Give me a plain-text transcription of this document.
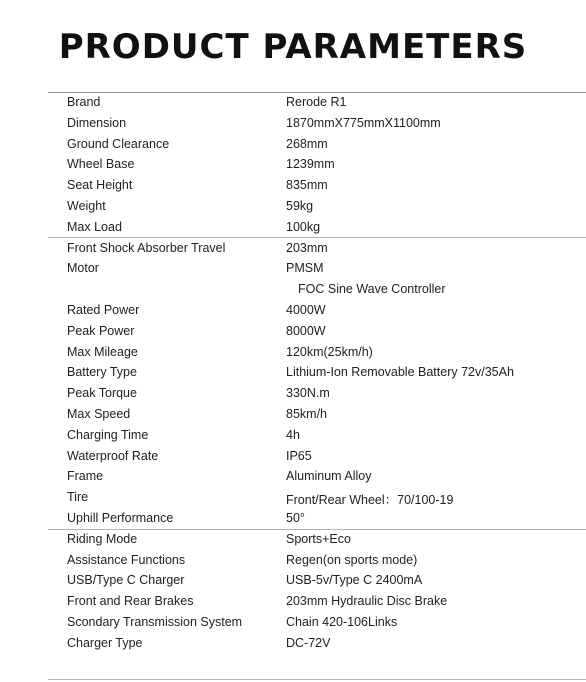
PRODUCT PARAMETERS
Brand	Rerode R1
Dimension	1870mmX775mmX1100mm
Ground Clearance	268mm
Wheel Base	1239mm
Seat Height	835mm
Weight	59kg
Max Load	100kg
Front Shock Absorber Travel	203mm
Motor	PMSM
FOC Sine Wave Controller
Rated Power	4000W
Peak Power	8000W
Max Mileage	120km(25km/h)
Battery Type	Lithium-Ion Removable Battery 72v/35Ah
Peak Torque	330N.m
Max Speed	85km/h
Charging Time	4h
Waterproof Rate	IP65
Frame	Aluminum Alloy
Tire	Front/Rear Wheel：70/100-19
Uphill Performance	50°
Riding Mode	Sports+Eco
Assistance Functions	Regen(on sports mode)
USB/Type C Charger	USB-5v/Type C 2400mA
Front and Rear Brakes	203mm Hydraulic Disc Brake
Scondary Transmission System	Chain 420-106Links
Charger Type	DC-72V
